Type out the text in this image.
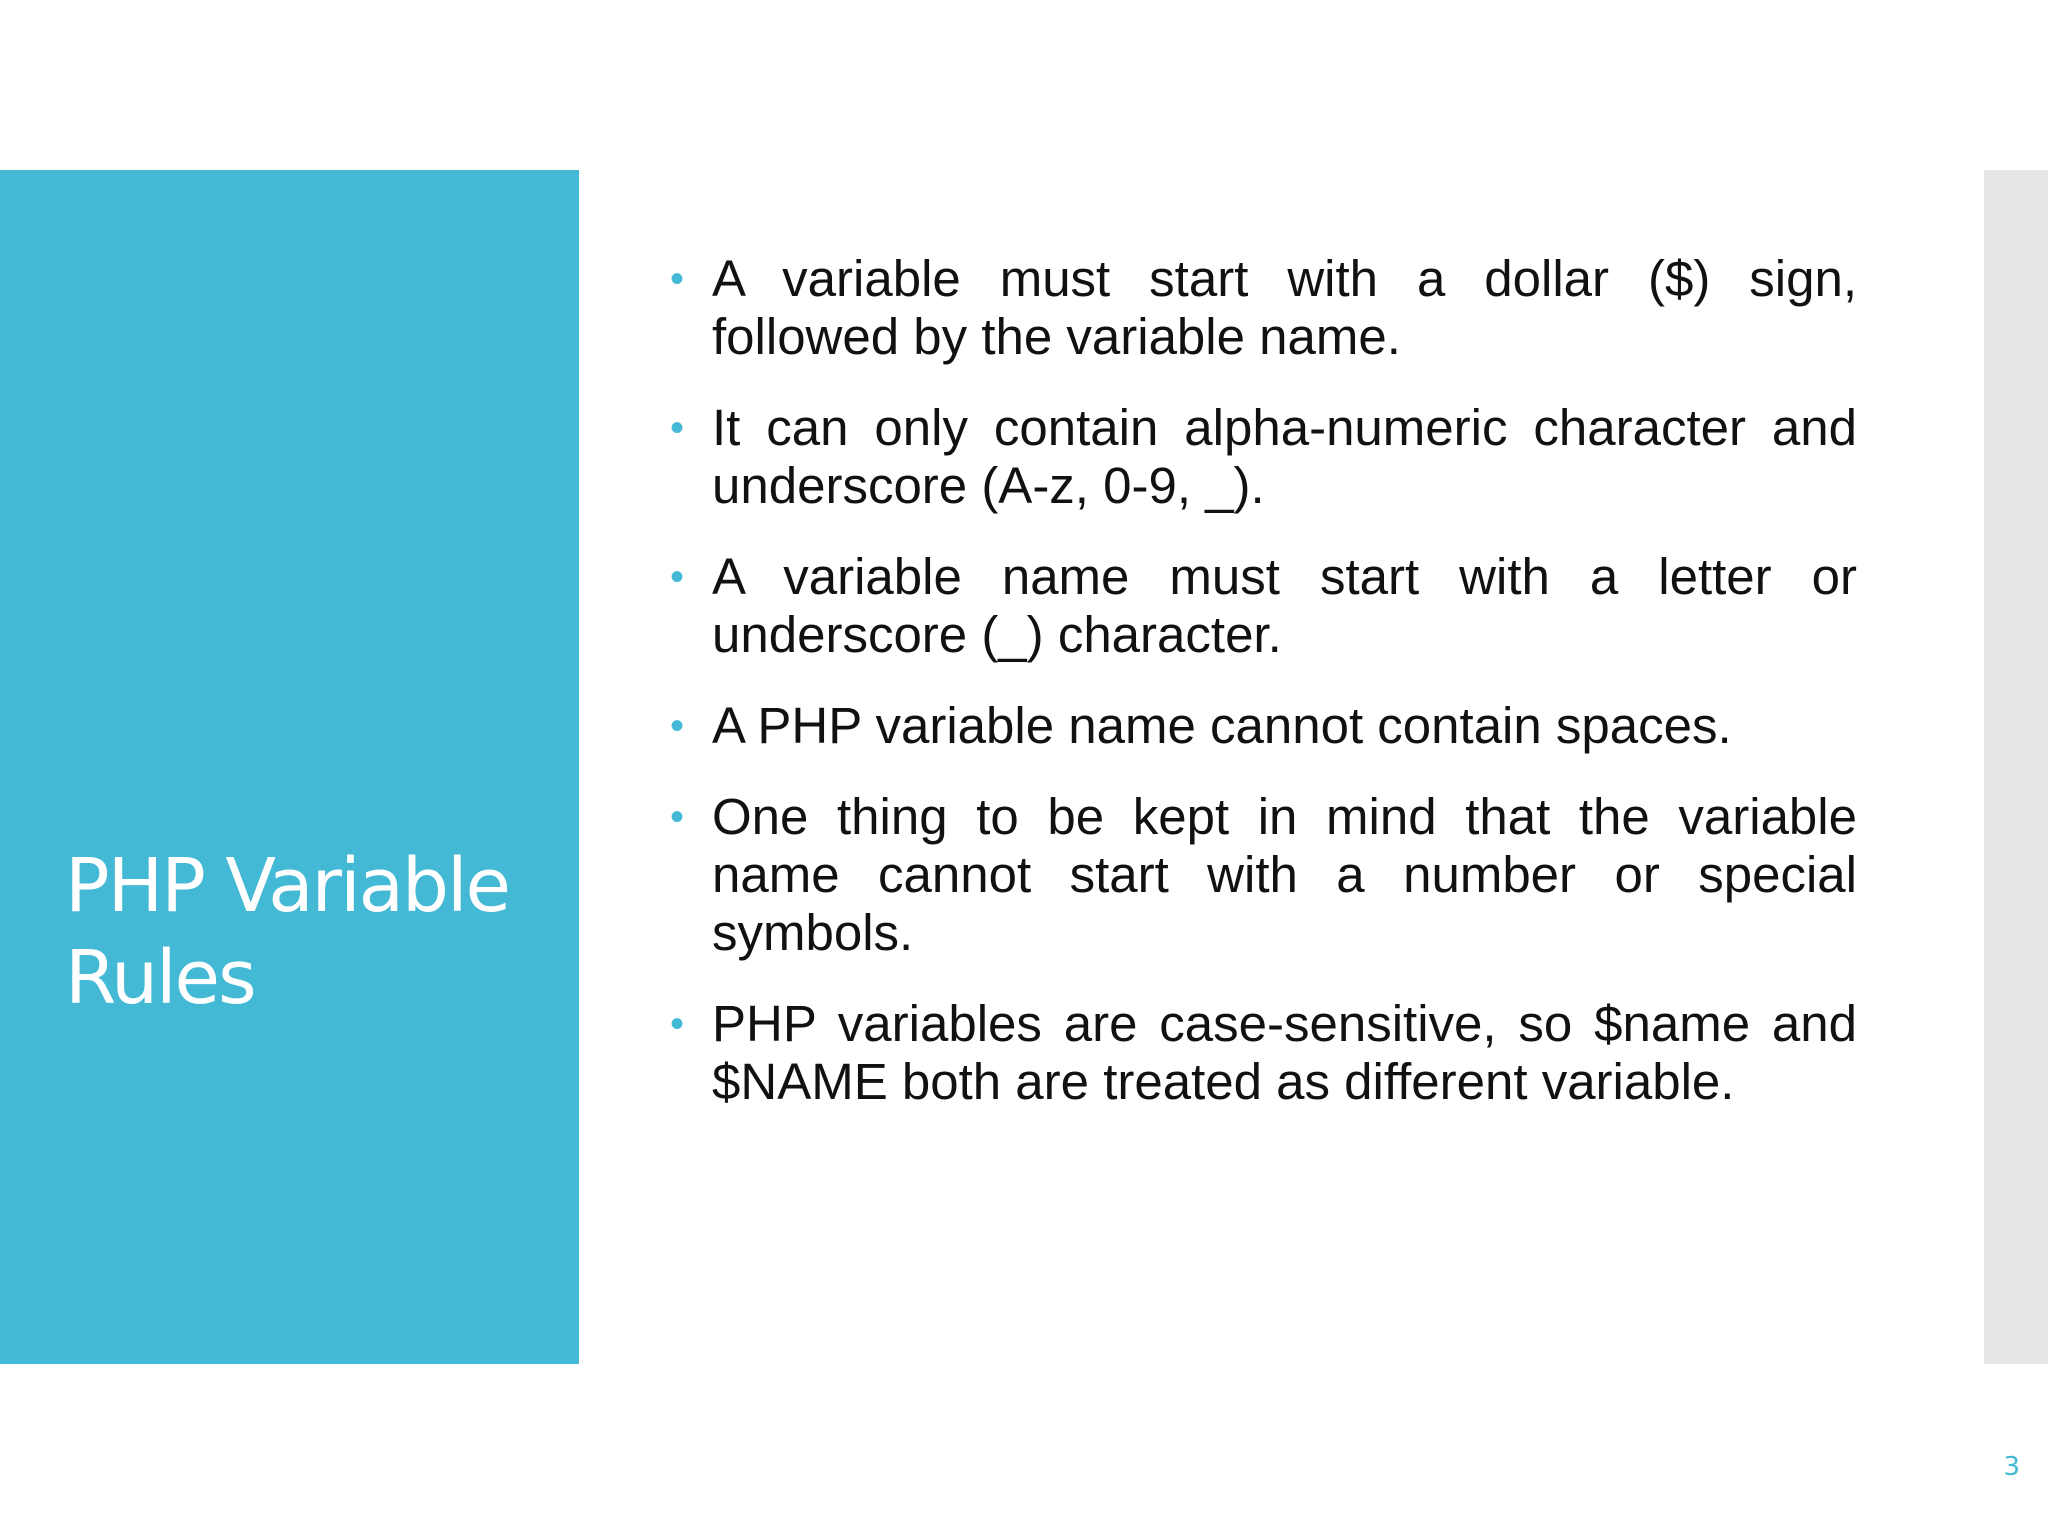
PHP Variable Rules
• A variable must start with a dollar ($) sign, followed by the variable name.
• It can only contain alpha-numeric character and underscore (A-z, 0-9, _).
• A variable name must start with a letter or underscore (_) character.
• A PHP variable name cannot contain spaces.
• One thing to be kept in mind that the variable name cannot start with a number or special symbols.
• PHP variables are case-sensitive, so $name and $NAME both are treated as different variable.
3
